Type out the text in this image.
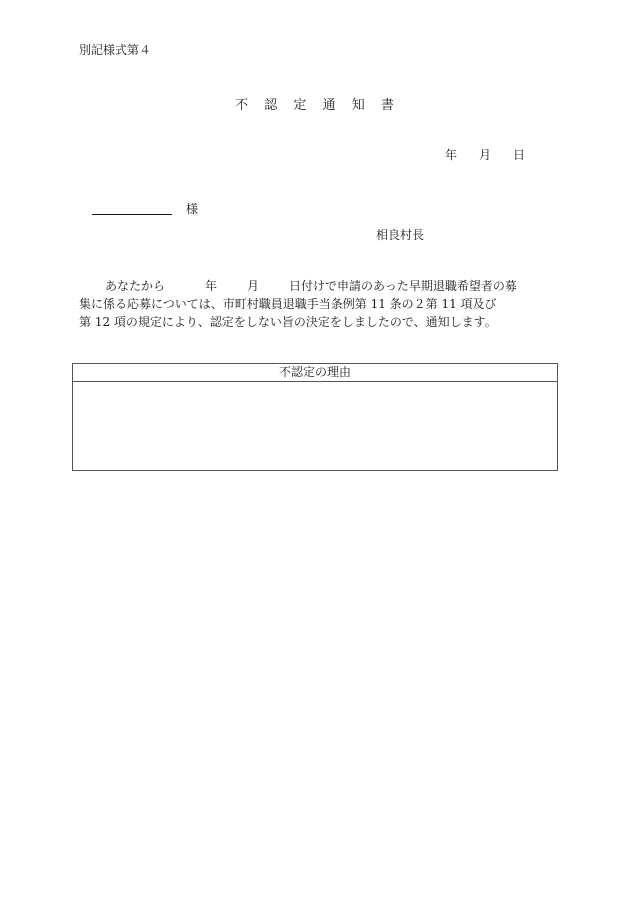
別記様式第４
不 認 定 通 知 書
年 月 日
様
相良村長
あなたから	年	月	日付けで申請のあった早期退職希望者の募
集に係る応募については、市町村職員退職手当条例第 11 条の２第 11 項及び
第 12 項の規定により、認定をしない旨の決定をしましたので、通知します。
不認定の理由
